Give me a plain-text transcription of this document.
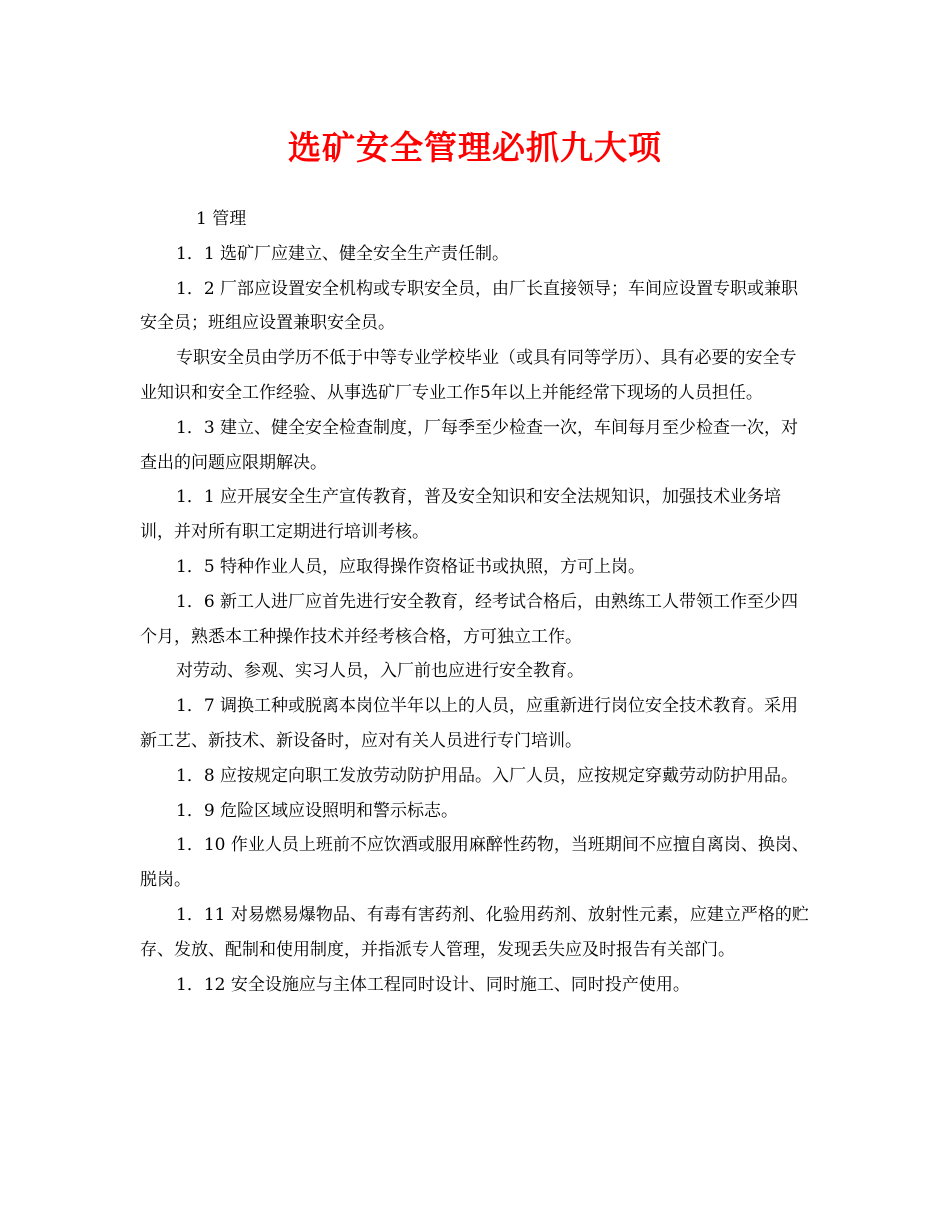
选矿安全管理必抓九大项

1 管理

1．1 选矿厂应建立、健全安全生产责任制。

1．2 厂部应设置安全机构或专职安全员，由厂长直接领导；车间应设置专职或兼职安全员；班组应设置兼职安全员。

专职安全员由学历不低于中等专业学校毕业（或具有同等学历）、具有必要的安全专业知识和安全工作经验、从事选矿厂专业工作5年以上并能经常下现场的人员担任。

1．3 建立、健全安全检查制度，厂每季至少检查一次，车间每月至少检查一次，对查出的问题应限期解决。

1．1 应开展安全生产宣传教育，普及安全知识和安全法规知识，加强技术业务培训，并对所有职工定期进行培训考核。

1．5 特种作业人员，应取得操作资格证书或执照，方可上岗。

1．6 新工人进厂应首先进行安全教育，经考试合格后，由熟练工人带领工作至少四个月，熟悉本工种操作技术并经考核合格，方可独立工作。

对劳动、参观、实习人员，入厂前也应进行安全教育。

1．7 调换工种或脱离本岗位半年以上的人员，应重新进行岗位安全技术教育。采用新工艺、新技术、新设备时，应对有关人员进行专门培训。

1．8 应按规定向职工发放劳动防护用品。入厂人员，应按规定穿戴劳动防护用品。

1．9 危险区域应设照明和警示标志。

1．10 作业人员上班前不应饮酒或服用麻醉性药物，当班期间不应擅自离岗、换岗、脱岗。

1．11 对易燃易爆物品、有毒有害药剂、化验用药剂、放射性元素，应建立严格的贮存、发放、配制和使用制度，并指派专人管理，发现丢失应及时报告有关部门。

1．12 安全设施应与主体工程同时设计、同时施工、同时投产使用。
